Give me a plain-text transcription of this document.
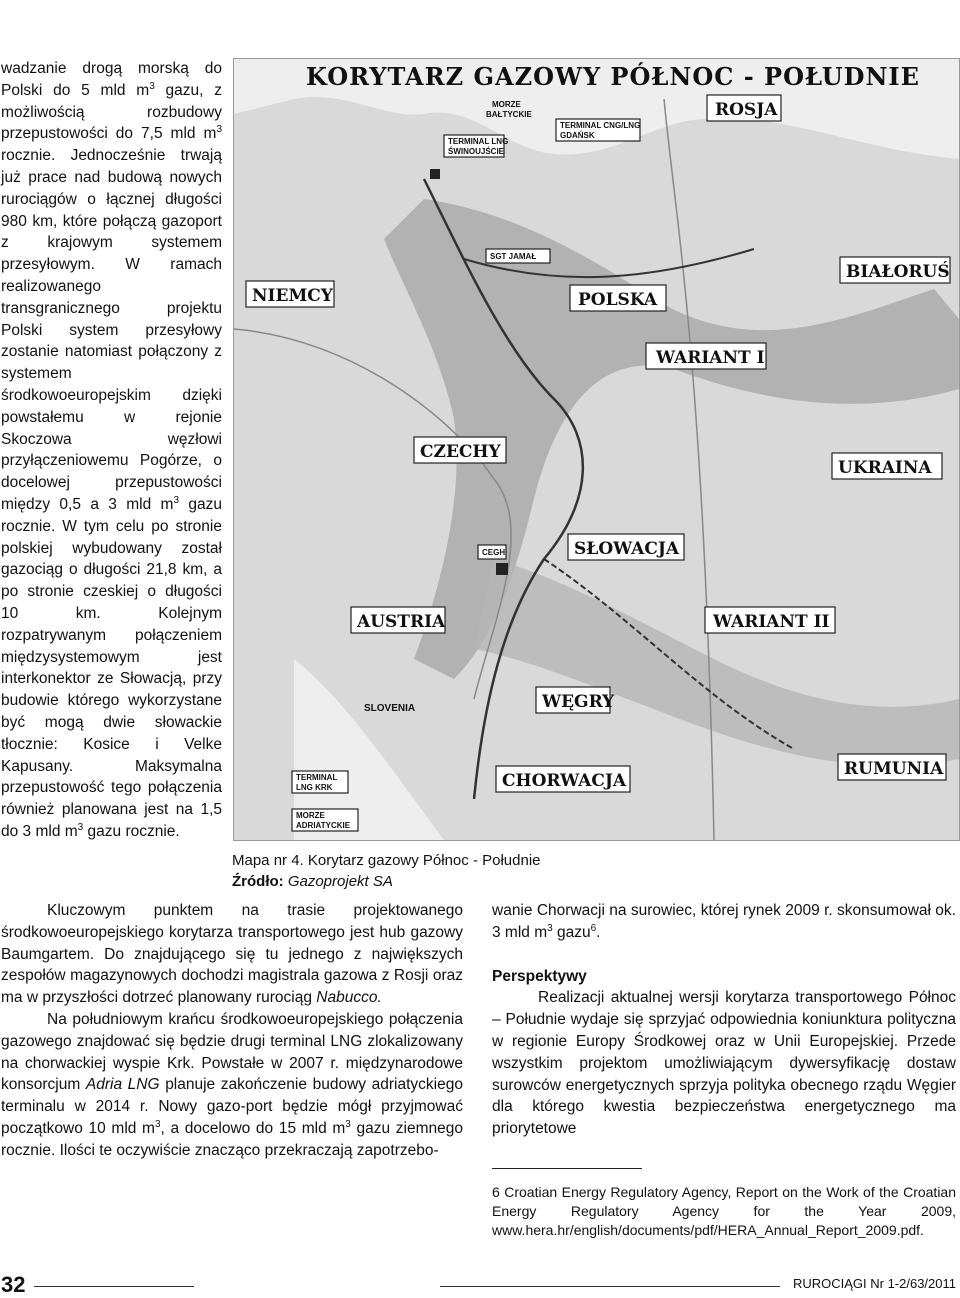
wadzanie drogą morską do Polski do 5 mld $m^3$ gazu, z możliwością rozbudowy przepustowości do 7,5 mld $m^3$ rocznie. Jednocześnie trwają już prace nad budową nowych rurociągów o łącznej długości 980 km, które połączą gazoport z krajowym systemem przesyłowym. W ramach realizowanego transgranicznego projektu Polski system przesyłowy zostanie natomiast połączony z systemem środkowoeuropejskim dzięki powstałemu w rejonie Skoczowa węzłowi przyłączeniowemu Pogórze, o docelowej przepustowości między 0,5 a 3 mld $m^3$ gazu rocznie. W tym celu po stronie polskiej wybudowany został gazociąg o długości 21,8 km, a po stronie czeskiej o długości 10 km. Kolejnym rozpatrywanym połączeniem międzysystemowym jest interkonektor ze Słowacją, przy budowie którego wykorzystane być mogą dwie słowackie tłocznie: Kosice i Velke Kapusany. Maksymalna przepustowość tego połączenia również planowana jest na 1,5 do 3 mld $m^3$ gazu rocznie.

KORYTARZ GAZOWY PÓŁNOC - POŁUDNIE
ROSJA
NIEMCY	POLSKA
BIAŁORUŚ
WARIANT I
CZECHY
UKRAINA
SŁOWACJA
AUSTRIA	WARIANT II
WĘGRY
RUMUNIA
CHORWACJA
MORZE
BAŁTYCKIE
TERMINAL LNG
ŚWINOUJŚCIE
TERMINAL CNG/LNG
GDAŃSK
SGT JAMAŁ
CEGH
SLOVENIA
TERMINAL
LNG KRK
MORZE
ADRIATYCKIE
Mapa nr 4. Korytarz gazowy Północ - Południe
Źródło: Gazoprojekt SA

Kluczowym punktem na trasie projektowanego środkowoeuropejskiego korytarza transportowego jest hub gazowy Baumgartem. Do znajdującego się tu jednego z największych zespołów magazynowych dochodzi magistrala gazowa z Rosji oraz ma w przyszłości dotrzeć planowany rurociąg Nabucco.

Na południowym krańcu środkowoeuropejskiego połączenia gazowego znajdować się będzie drugi terminal LNG zlokalizowany na chorwackiej wyspie Krk. Powstałe w 2007 r. międzynarodowe konsorcjum Adria LNG planuje zakończenie budowy adriatyckiego terminalu w 2014 r. Nowy gazo-port będzie mógł przyjmować początkowo 10 mld $m^3$, a docelowo do 15 mld $m^3$ gazu ziemnego rocznie. Ilości te oczywiście znacząco przekraczają zapotrzebo-

wanie Chorwacji na surowiec, której rynek 2009 r. skonsumował ok. 3 mld $m^3$ gazu$^6$.

Perspektywy

Realizacji aktualnej wersji korytarza transportowego Północ – Południe wydaje się sprzyjać odpowiednia koniunktura polityczna w regionie Europy Środkowej oraz w Unii Europejskiej. Przede wszystkim projektom umożliwiającym dywersyfikację dostaw surowców energetycznych sprzyja polityka obecnego rządu Węgier dla którego kwestia bezpieczeństwa energetycznego ma priorytetowe

6 Croatian Energy Regulatory Agency, Report on the Work of the Croatian Energy Regulatory Agency for the Year 2009, www.hera.hr/english/documents/pdf/HERA_Annual_Report_2009.pdf.
32	RUROCIĄGI Nr 1-2/63/2011
